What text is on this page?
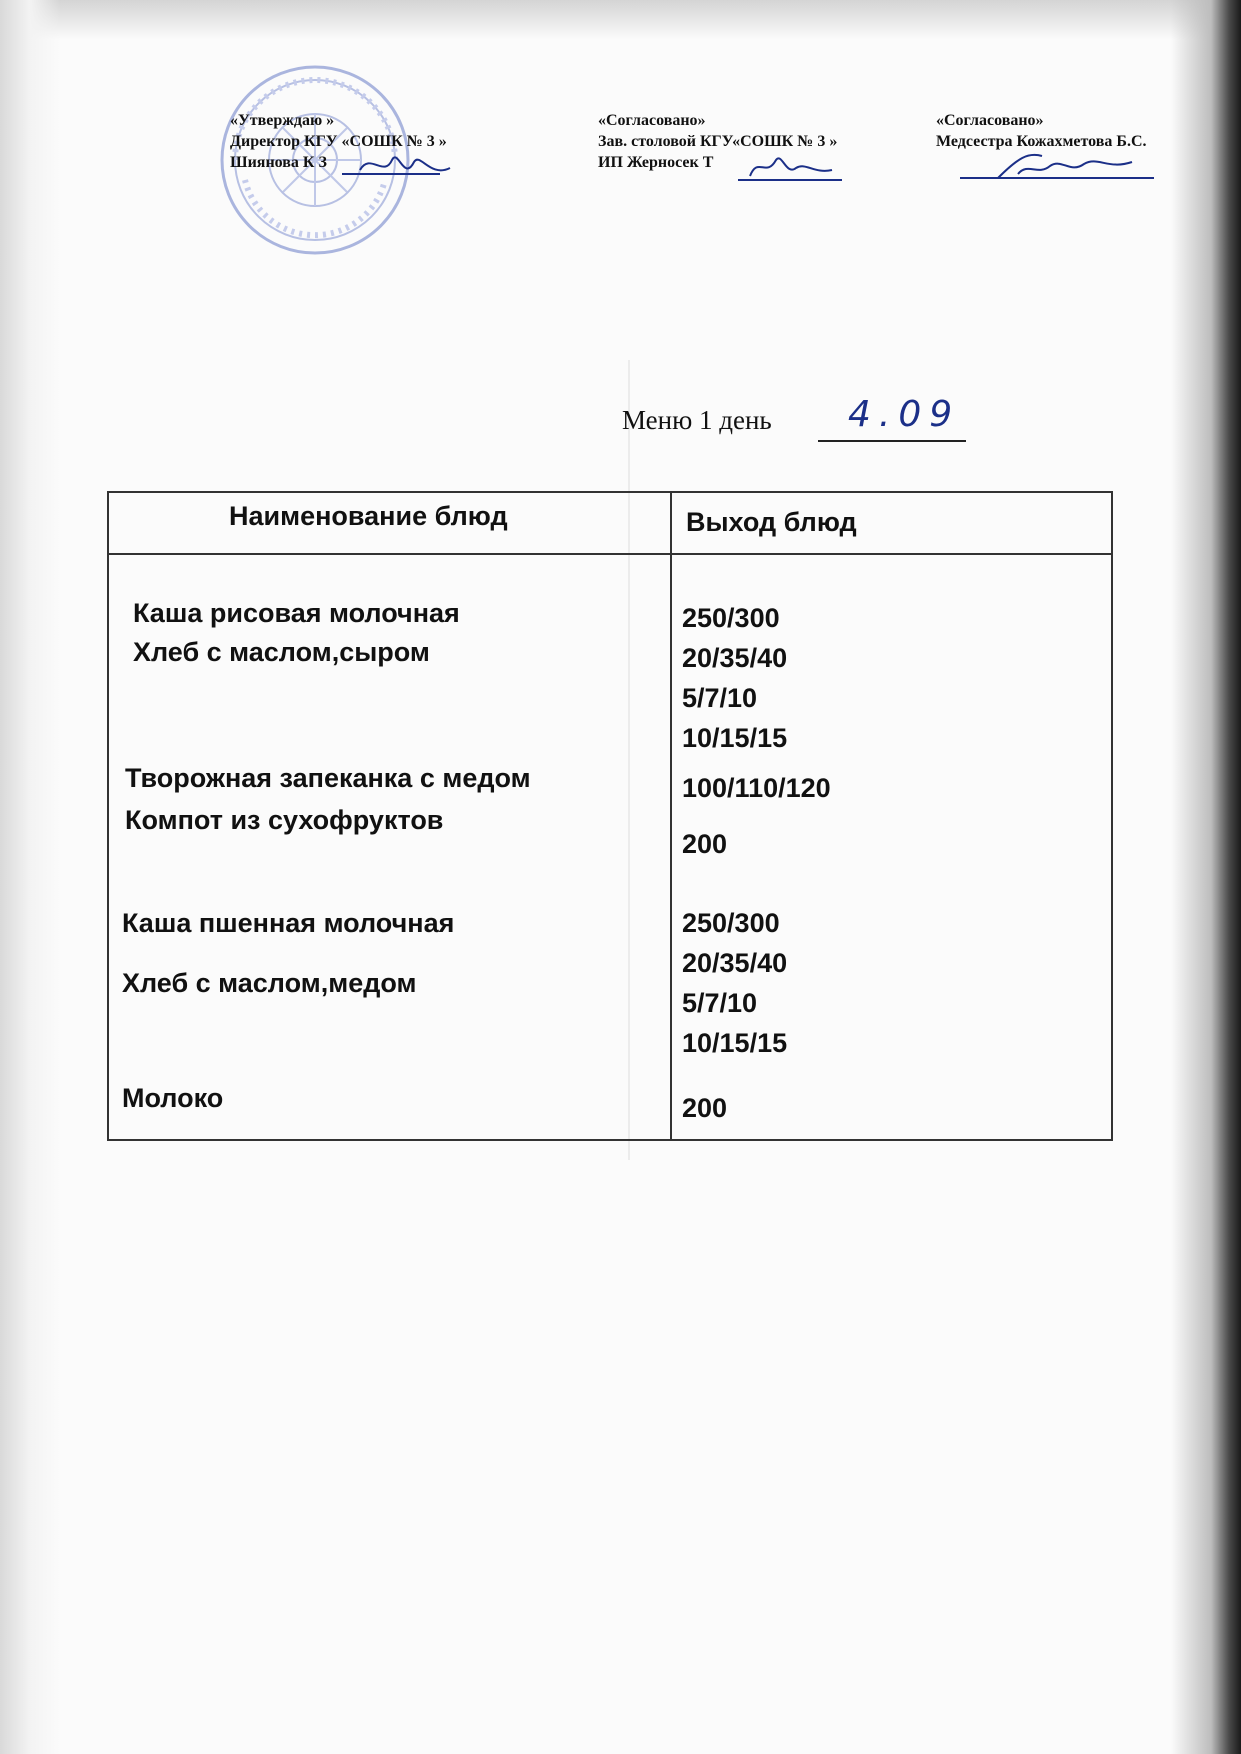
«Утверждаю »
Директор КГУ «СОШК № 3 »
Шиянова К З
«Согласовано»
Зав. столовой КГУ«СОШК № 3 »
ИП Жерносек Т
«Согласовано»
Медсестра Кожахметова Б.С.
Меню 1 день 4.09
Наименование блюд	Выход блюд
Каша рисовая молочная
Хлеб с маслом,сыром
Творожная запеканка с медом
Компот из сухофруктов
Каша пшенная молочная
Хлеб с маслом,медом
Молоко
250/300
20/35/40
5/7/10
10/15/15
100/110/120
200
250/300
20/35/40
5/7/10
10/15/15
200
